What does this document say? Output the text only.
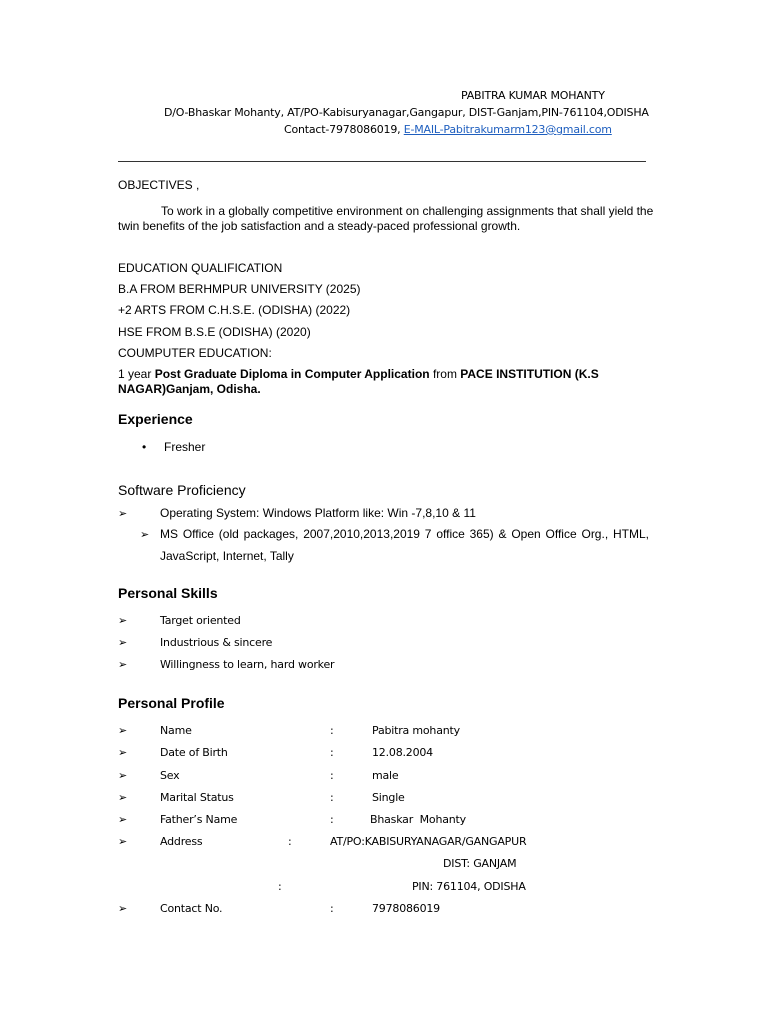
PABITRA KUMAR MOHANTY
D/O-Bhaskar Mohanty, AT/PO-Kabisuryanagar,Gangapur, DIST-Ganjam,PIN-761104,ODISHA
Contact-7978086019, E-MAIL-Pabitrakumarm123@gmail.com
OBJECTIVES ,
To work in a globally competitive environment on challenging assignments that shall yield the
twin benefits of the job satisfaction and a steady-paced professional growth.
EDUCATION QUALIFICATION
B.A FROM BERHMPUR UNIVERSITY (2025)
+2 ARTS FROM C.H.S.E. (ODISHA) (2022)
HSE FROM B.S.E (ODISHA) (2020)
COUMPUTER EDUCATION:
1 year Post Graduate Diploma in Computer Application from PACE INSTITUTION (K.S
NAGAR)Ganjam, Odisha.
Experience
• Fresher
Software Proficiency
➢	Operating System: Windows Platform like: Win -7,8,10 & 11
➢ MS Office (old packages, 2007,2010,2013,2019 7 office 365) & Open Office Org., HTML,
JavaScript, Internet, Tally
Personal Skills
➢	Target oriented
➢	Industrious & sincere
➢	Willingness to learn, hard worker
Personal Profile
➢	Name	:	Pabitra mohanty
➢	Date of Birth	:	12.08.2004
➢	Sex	:	male
➢	Marital Status	:	Single
➢	Father’s Name	:	Bhaskar  Mohanty
➢	Address	:	AT/PO:KABISURYANAGAR/GANGAPUR
DIST: GANJAM
:	PIN: 761104, ODISHA
➢	Contact No.	:	7978086019
